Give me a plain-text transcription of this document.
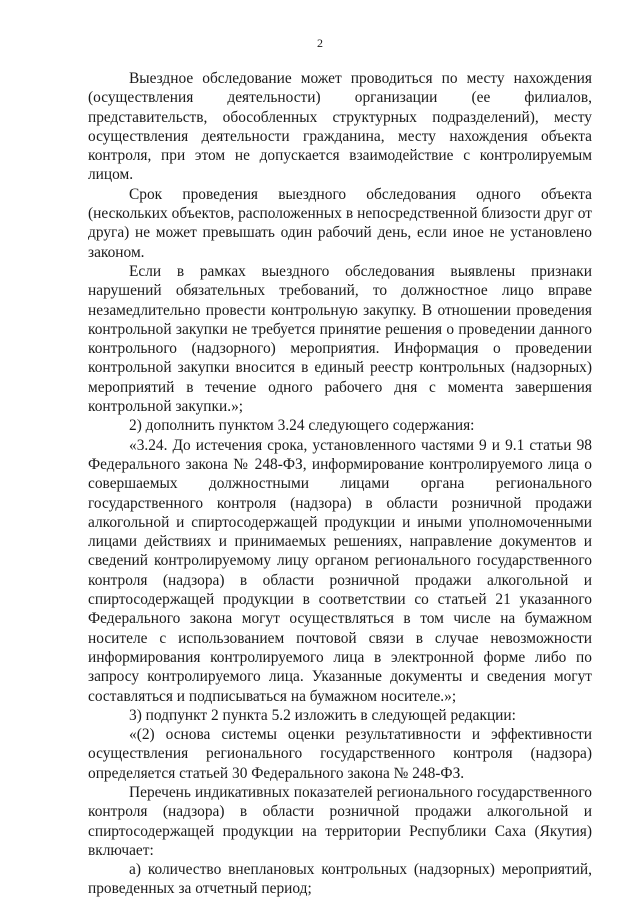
2

Выездное обследование может проводиться по месту нахождения (осуществления деятельности) организации (ее филиалов, представительств, обособленных структурных подразделений), месту осуществления деятельности гражданина, месту нахождения объекта контроля, при этом не допускается взаимодействие с контролируемым лицом.

Срок проведения выездного обследования одного объекта (нескольких объектов, расположенных в непосредственной близости друг от друга) не может превышать один рабочий день, если иное не установлено законом.

Если в рамках выездного обследования выявлены признаки нарушений обязательных требований, то должностное лицо вправе незамедлительно провести контрольную закупку. В отношении проведения контрольной закупки не требуется принятие решения о проведении данного контрольного (надзорного) мероприятия. Информация о проведении контрольной закупки вносится в единый реестр контрольных (надзорных) мероприятий в течение одного рабочего дня с момента завершения контрольной закупки.»;

2) дополнить пунктом 3.24 следующего содержания:

«3.24. До истечения срока, установленного частями 9 и 9.1 статьи 98 Федерального закона № 248-ФЗ, информирование контролируемого лица о совершаемых должностными лицами органа регионального государственного контроля (надзора) в области розничной продажи алкогольной и спиртосодержащей продукции и иными уполномоченными лицами действиях и принимаемых решениях, направление документов и сведений контролируемому лицу органом регионального государственного контроля (надзора) в области розничной продажи алкогольной и спиртосодержащей продукции в соответствии со статьей 21 указанного Федерального закона могут осуществляться в том числе на бумажном носителе с использованием почтовой связи в случае невозможности информирования контролируемого лица в электронной форме либо по запросу контролируемого лица. Указанные документы и сведения могут составляться и подписываться на бумажном носителе.»;

3) подпункт 2 пункта 5.2 изложить в следующей редакции:

«(2) основа системы оценки результативности и эффективности осуществления регионального государственного контроля (надзора) определяется статьей 30 Федерального закона № 248-ФЗ.

Перечень индикативных показателей регионального государственного контроля (надзора) в области розничной продажи алкогольной и спиртосодержащей продукции на территории Республики Саха (Якутия) включает:

а) количество внеплановых контрольных (надзорных) мероприятий, проведенных за отчетный период;
